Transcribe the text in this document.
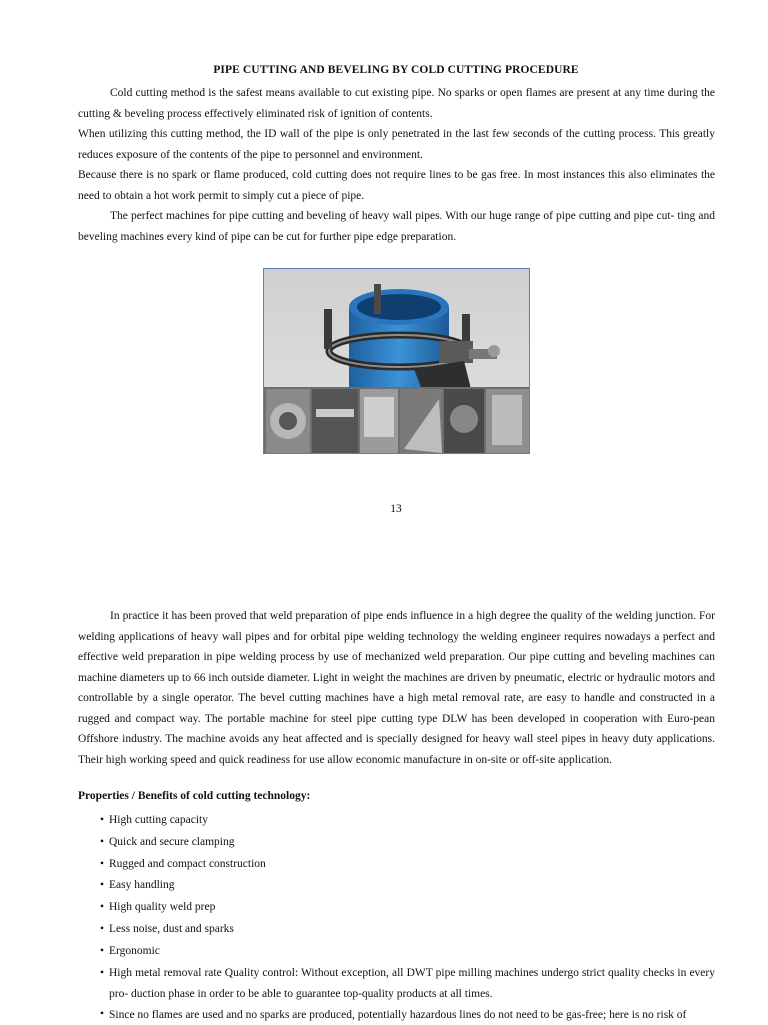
PIPE CUTTING AND BEVELING BY COLD CUTTING PROCEDURE

Cold cutting method is the safest means available to cut existing pipe. No sparks or open flames are present at any time during the cutting & beveling process effectively eliminated risk of ignition of contents.

When utilizing this cutting method, the ID wall of the pipe is only penetrated in the last few seconds of the cutting process. This greatly reduces exposure of the contents of the pipe to personnel and environment.

Because there is no spark or flame produced, cold cutting does not require lines to be gas free. In most instances this also eliminates the need to obtain a hot work permit to simply cut a piece of pipe.

The perfect machines for pipe cutting and beveling of heavy wall pipes. With our huge range of pipe cutting and pipe cut- ting and beveling machines every kind of pipe can be cut for further pipe edge preparation.

13

In practice it has been proved that weld preparation of pipe ends influence in a high degree the quality of the welding junction. For welding applications of heavy wall pipes and for orbital pipe welding technology the welding engineer requires nowadays a perfect and effective weld preparation in pipe welding process by use of mechanized weld preparation. Our pipe cutting and beveling machines can machine diameters up to 66 inch outside diameter. Light in weight the machines are driven by pneumatic, electric or hydraulic motors and controllable by a single operator. The bevel cutting machines have a high metal removal rate, are easy to handle and constructed in a rugged and compact way. The portable machine for steel pipe cutting type DLW has been developed in cooperation with Euro-pean Offshore industry. The machine avoids any heat affected and is specially designed for heavy wall steel pipes in heavy duty applications. Their high working speed and quick readiness for use allow economic manufacture in on-site or off-site application.

Properties / Benefits of cold cutting technology:
• High cutting capacity
• Quick and secure clamping
• Rugged and compact construction
• Easy handling
• High quality weld prep
• Less noise, dust and sparks
• Ergonomic
• High metal removal rate Quality control: Without exception, all DWT pipe milling machines undergo strict quality checks in every pro- duction phase in order to be able to guarantee top-quality products at all times.
• Since no flames are used and no sparks are produced, potentially hazardous lines do not need to be gas-free; here is no risk of
